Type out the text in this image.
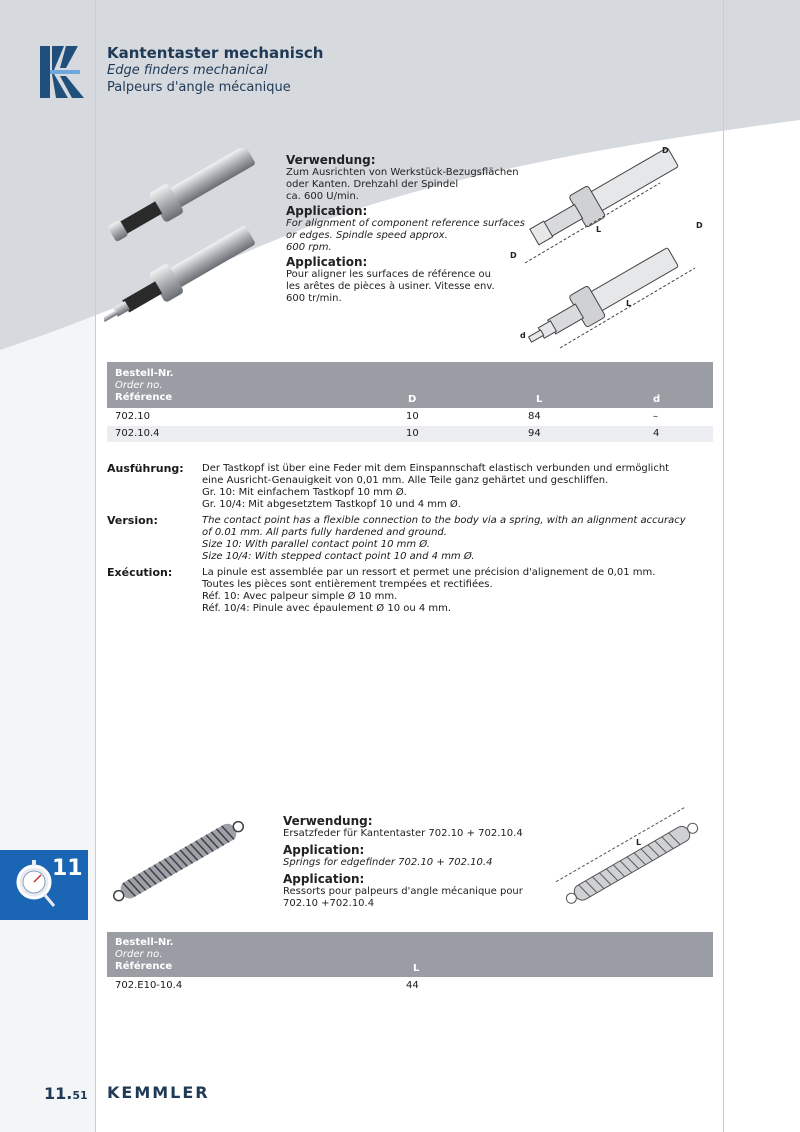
Kantentaster mechanisch
Edge finders mechanical
Palpeurs d'angle mécanique
Verwendung:
Zum Ausrichten von Werkstück-Bezugsflächen
oder Kanten. Drehzahl der Spindel
ca. 600 U/min.
Application:
For alignment of component reference surfaces
or edges. Spindle speed approx.
600 rpm.
Application:
Pour aligner les surfaces de référence ou
les arêtes de pièces à usiner. Vitesse env.
600 tr/min.
D
L
D
D
L
d
Bestell-Nr.
Order no.
Référence	D	L	d
702.10	10	84	–
702.10.4	10	94	4
Ausführung: Der Tastkopf ist über eine Feder mit dem Einspannschaft elastisch verbunden und ermöglicht
eine Ausricht-Genauigkeit von 0,01 mm. Alle Teile ganz gehärtet und geschliffen.
Gr. 10: Mit einfachem Tastkopf 10 mm Ø.
Gr. 10/4: Mit abgesetztem Tastkopf 10 und 4 mm Ø.
Version:	The contact point has a flexible connection to the body via a spring, with an alignment accuracy
of 0.01 mm. All parts fully hardened and ground.
Size 10: With parallel contact point 10 mm Ø.
Size 10/4: With stepped contact point 10 and 4 mm Ø.
Exécution:	La pinule est assemblée par un ressort et permet une précision d'alignement de 0,01 mm.
Toutes les pièces sont entièrement trempées et rectifiées.
Réf. 10: Avec palpeur simple Ø 10 mm.
Réf. 10/4: Pinule avec épaulement Ø 10 ou 4 mm.
Verwendung:
Ersatzfeder für Kantentaster 702.10 + 702.10.4
Application:
Springs for edgefinder 702.10 + 702.10.4
Application:
Ressorts pour palpeurs d'angle mécanique pour
702.10 +702.10.4
L
Bestell-Nr.
Order no.
Référence	L
702.E10-10.4	44
11
11.51 KEMMLER
